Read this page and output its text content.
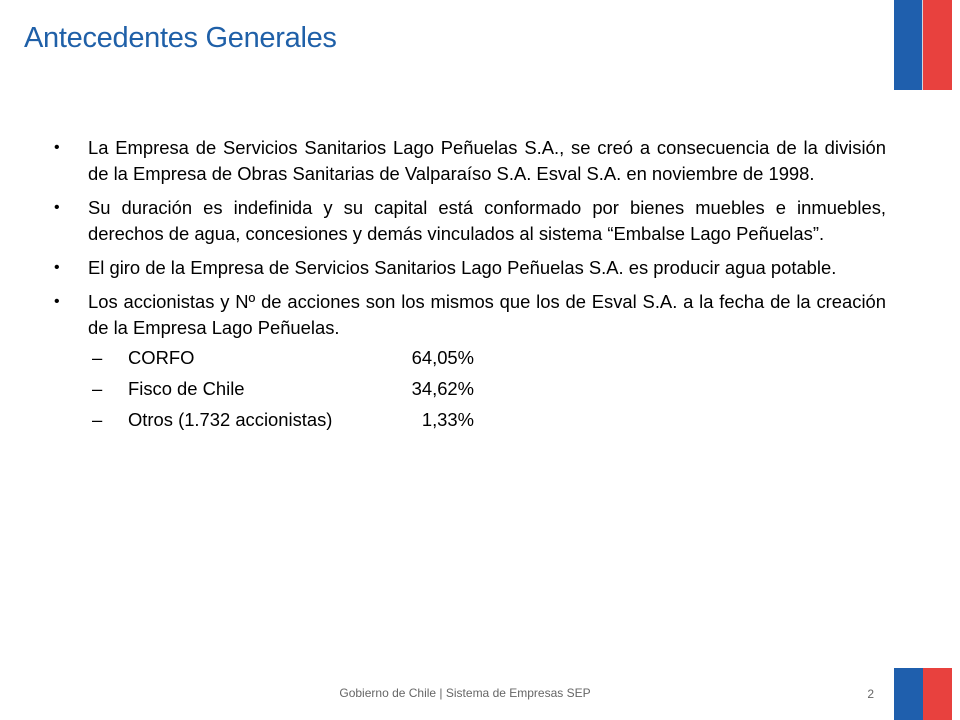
Antecedentes Generales

• La Empresa de Servicios Sanitarios Lago Peñuelas S.A., se creó a consecuencia de la división de la Empresa de Obras Sanitarias de Valparaíso S.A. Esval S.A. en noviembre de 1998.

• Su duración es indefinida y su capital está conformado por bienes muebles e inmuebles, derechos de agua, concesiones y demás vinculados al sistema “Embalse Lago Peñuelas”.

• El giro de la Empresa de Servicios Sanitarios Lago Peñuelas S.A. es producir agua potable.

• Los accionistas y Nº de acciones son los mismos que los de Esval S.A. a la fecha de la creación de la Empresa Lago Peñuelas.

–	CORFO	64,05%
–	Fisco de Chile	34,62%
–	Otros (1.732 accionistas)	1,33%
Gobierno de Chile | Sistema de Empresas SEP	2
